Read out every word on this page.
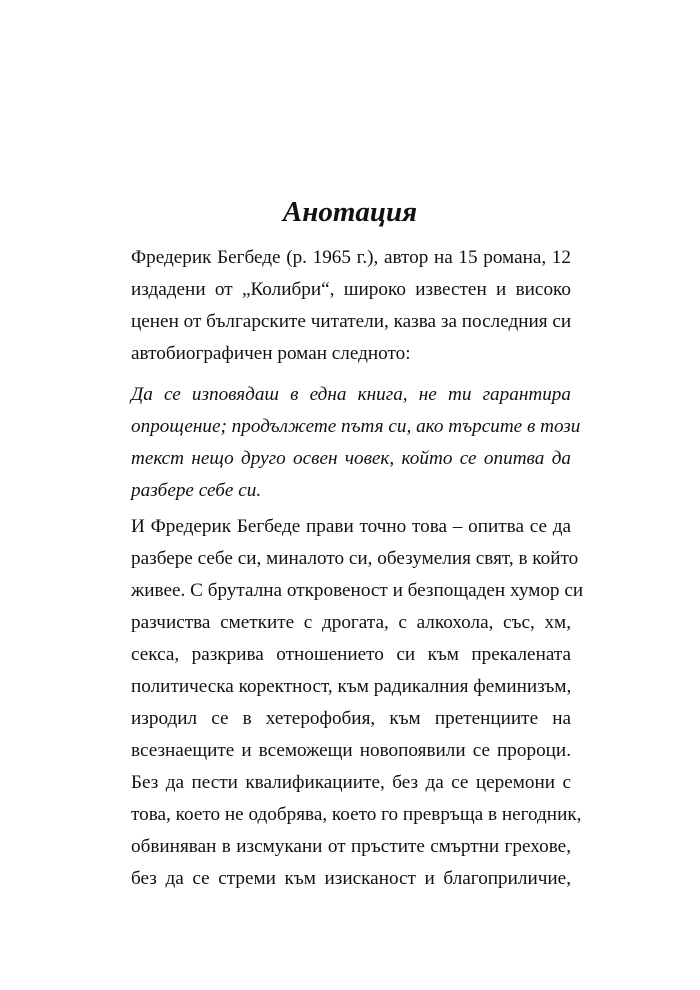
Анотация
Фредерик Бегбеде (р. 1965 г.), автор на 15 романа, 12
издадени от „Колибри“, широко известен и високо
ценен от българските читатели, казва за последния си
автобиографичен роман следното:
Да се изповядаш в една книга, не ти гарантира
опрощение; продължете пътя си, ако търсите в този
текст нещо друго освен човек, който се опитва да
разбере себе си.
И Фредерик Бегбеде прави точно това – опитва се да
разбере себе си, миналото си, обезумелия свят, в който
живее. С брутална откровеност и безпощаден хумор си
разчиства сметките с дрогата, с алкохола, със, хм,
секса, разкрива отношението си към прекалената
политическа коректност, към радикалния феминизъм,
изродил се в хетерофобия, към претенциите на
всезнаещите и всеможещи новопоявили се пророци.
Без да пести квалификациите, без да се церемони с
това, което не одобрява, което го превръща в негодник,
обвиняван в изсмукани от пръстите смъртни грехове,
без да се стреми към изисканост и благоприличие,
